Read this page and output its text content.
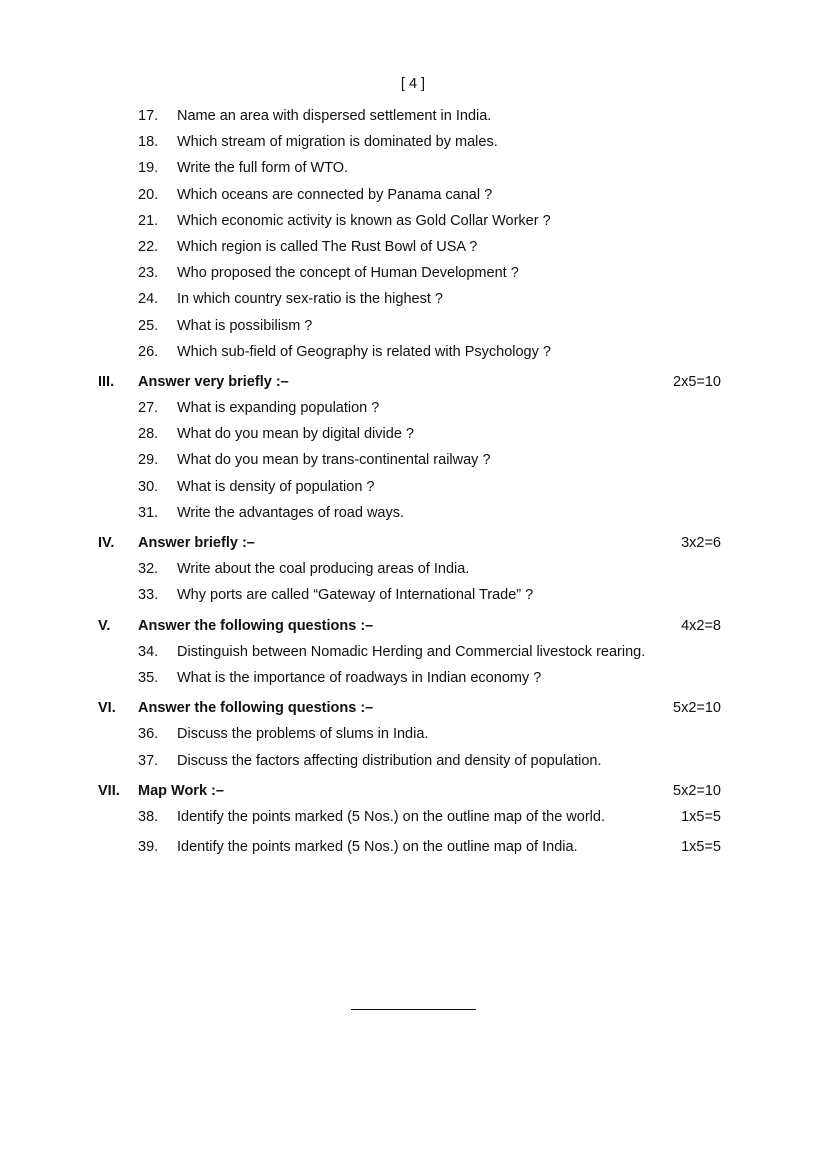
[ 4 ]
17. Name an area with dispersed settlement in India.
18. Which stream of migration is dominated by males.
19. Write the full form of WTO.
20. Which oceans are connected by Panama canal ?
21. Which economic activity is known as Gold Collar Worker ?
22. Which region is called The Rust Bowl of USA ?
23. Who proposed the concept of Human Development ?
24. In which country sex-ratio is the highest ?
25. What is possibilism ?
26. Which sub-field of Geography is related with Psychology ?
III. Answer very briefly :–	2x5=10
27. What is expanding population ?
28. What do you mean by digital divide ?
29. What do you mean by trans-continental railway ?
30. What is density of population ?
31. Write the advantages of road ways.
IV. Answer briefly :–	3x2=6
32. Write about the coal producing areas of India.
33. Why ports are called “Gateway of International Trade” ?
V. Answer the following questions :–	4x2=8
34. Distinguish between Nomadic Herding and Commercial livestock rearing.
35. What is the importance of roadways in Indian economy ?
VI. Answer the following questions :–	5x2=10
36. Discuss the problems of slums in India.
37. Discuss the factors affecting distribution and density of population.
VII. Map Work :–	5x2=10
38. Identify the points marked (5 Nos.) on the outline map of the world.	1x5=5
39. Identify the points marked (5 Nos.) on the outline map of India.	1x5=5
